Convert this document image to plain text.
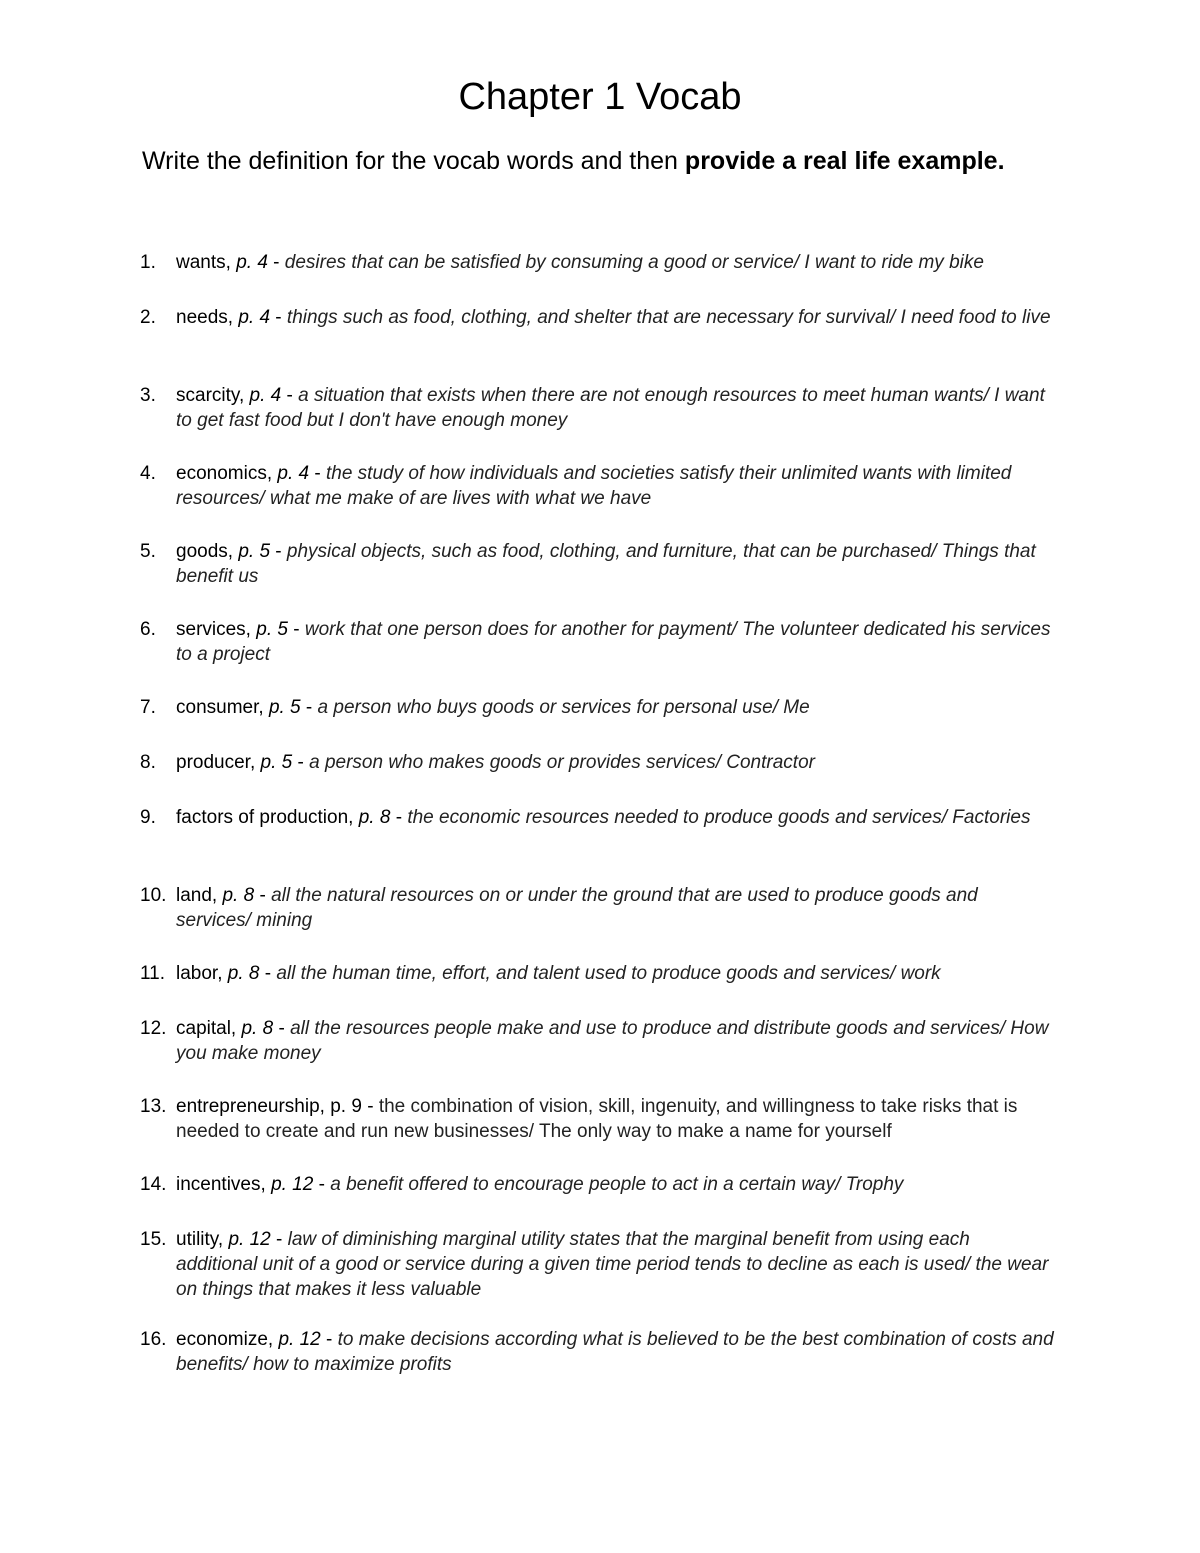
Chapter 1 Vocab

Write the definition for the vocab words and then provide a real life example.

1.	wants, p. 4 - desires that can be satisfied by consuming a good or service/ I want to ride my bike
2.	needs, p. 4 - things such as food, clothing, and shelter that are necessary for survival/ I need food to live
3.	scarcity, p. 4 - a situation that exists when there are not enough resources to meet human wants/ I want to get fast food but I don't have enough money
4.	economics, p. 4 - the study of how individuals and societies satisfy their unlimited wants with limited resources/ what me make of are lives with what we have
5.	goods, p. 5 - physical objects, such as food, clothing, and furniture, that can be purchased/ Things that benefit us
6.	services, p. 5 - work that one person does for another for payment/ The volunteer dedicated his services to a project
7.	consumer, p. 5 - a person who buys goods or services for personal use/ Me
8.	producer, p. 5 - a person who makes goods or provides services/ Contractor
9.	factors of production, p. 8 - the economic resources needed to produce goods and services/ Factories
10. land, p. 8 - all the natural resources on or under the ground that are used to produce goods and services/ mining
11. labor, p. 8 - all the human time, effort, and talent used to produce goods and services/ work
12. capital, p. 8 - all the resources people make and use to produce and distribute goods and services/ How you make money
13. entrepreneurship, p. 9 - the combination of vision, skill, ingenuity, and willingness to take risks that is needed to create and run new businesses/ The only way to make a name for yourself
14. incentives, p. 12 - a benefit offered to encourage people to act in a certain way/ Trophy
15. utility, p. 12 - law of diminishing marginal utility states that the marginal benefit from using each additional unit of a good or service during a given time period tends to decline as each is used/ the wear on things that makes it less valuable
16. economize, p. 12 - to make decisions according what is believed to be the best combination of costs and benefits/ how to maximize profits
